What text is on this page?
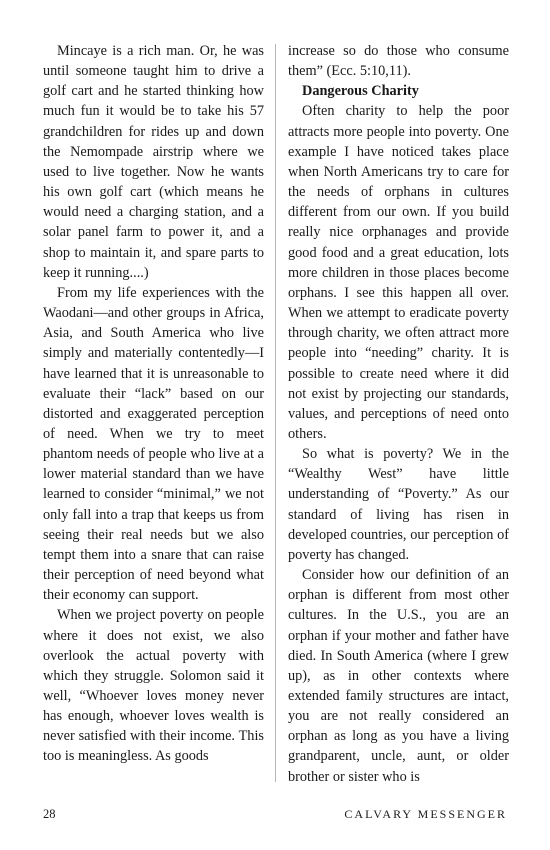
Mincaye is a rich man. Or, he was until someone taught him to drive a golf cart and he started thinking how much fun it would be to take his 57 grandchildren for rides up and down the Nemompade airstrip where we used to live together. Now he wants his own golf cart (which means he would need a charging station, and a solar panel farm to power it, and a shop to maintain it, and spare parts to keep it running....)

From my life experiences with the Waodani—and other groups in Africa, Asia, and South America who live simply and materially contentedly—I have learned that it is unreasonable to evaluate their “lack” based on our distorted and exaggerated perception of need. When we try to meet phantom needs of people who live at a lower material standard than we have learned to consider “minimal,” we not only fall into a trap that keeps us from seeing their real needs but we also tempt them into a snare that can raise their perception of need beyond what their economy can support.

When we project poverty on people where it does not exist, we also overlook the actual poverty with which they struggle. Solomon said it well, “Whoever loves money never has enough, whoever loves wealth is never satisfied with their income. This too is meaningless. As goods

increase so do those who consume them” (Ecc. 5:10,11).

Dangerous Charity

Often charity to help the poor attracts more people into poverty. One example I have noticed takes place when North Americans try to care for the needs of orphans in cultures different from our own. If you build really nice orphanages and provide good food and a great education, lots more children in those places become orphans. I see this happen all over. When we attempt to eradicate poverty through charity, we often attract more people into “needing” charity. It is possible to create need where it did not exist by projecting our standards, values, and perceptions of need onto others.

So what is poverty? We in the “Wealthy West” have little understanding of “Poverty.” As our standard of living has risen in developed countries, our perception of poverty has changed.

Consider how our definition of an orphan is different from most other cultures. In the U.S., you are an orphan if your mother and father have died. In South America (where I grew up), as in other contexts where extended family structures are intact, you are not really considered an orphan as long as you have a living grandparent, uncle, aunt, or older brother or sister who is

28	CALVARY MESSENGER
